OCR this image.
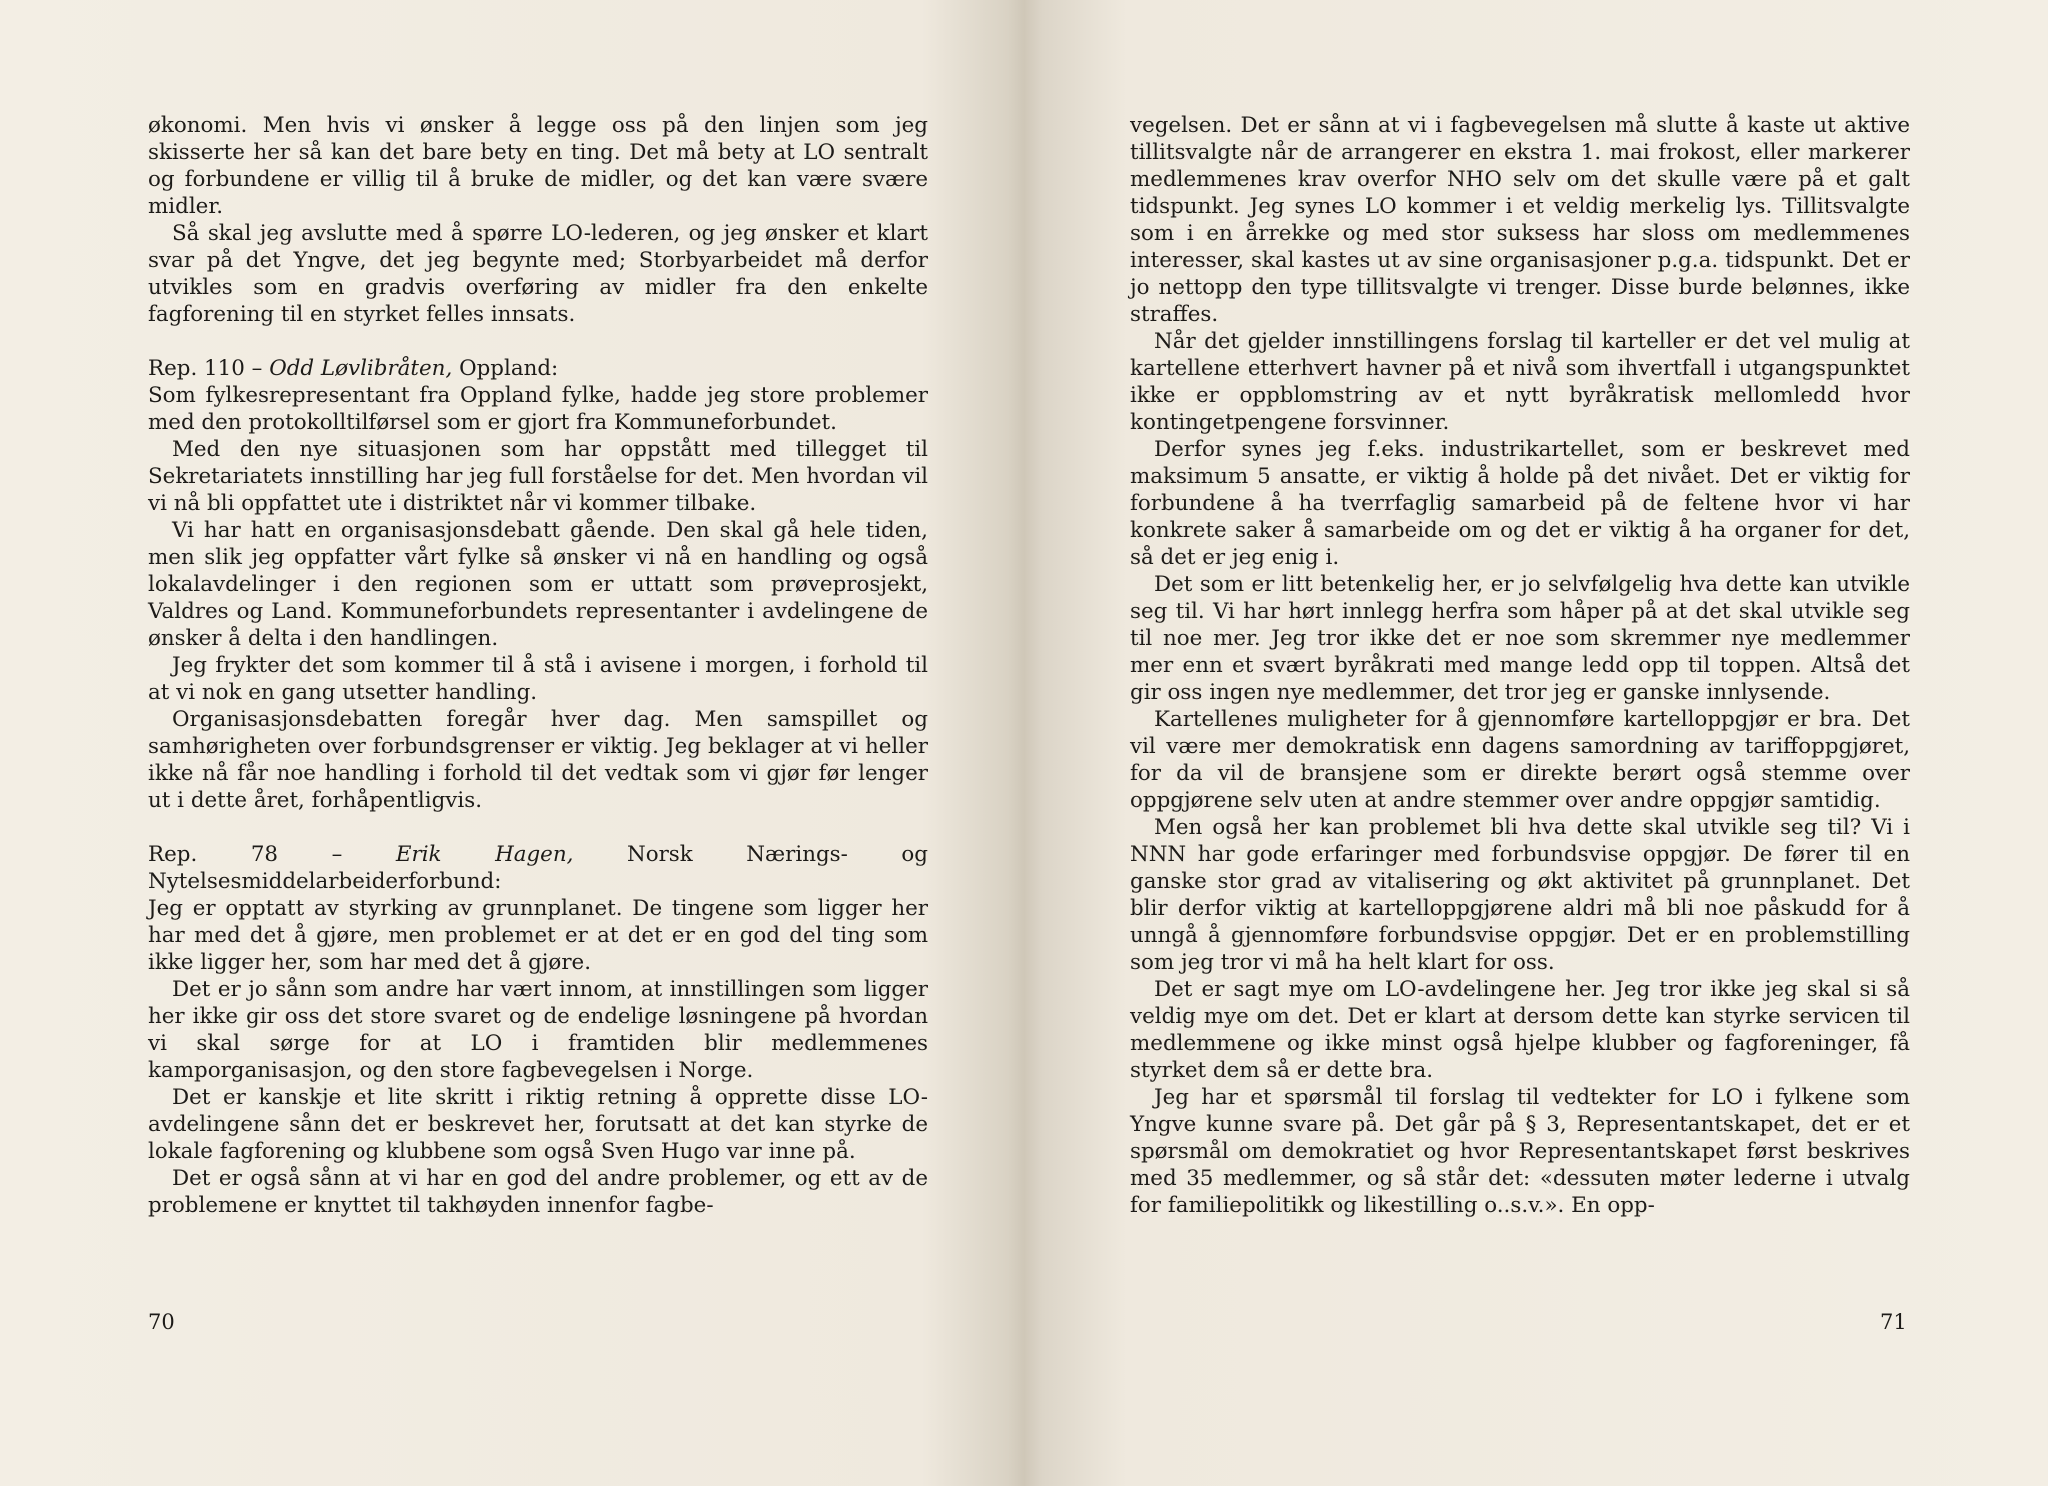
økonomi. Men hvis vi ønsker å legge oss på den linjen som jeg skisserte her så kan det bare bety en ting. Det må bety at LO sentralt og forbundene er villig til å bruke de midler, og det kan være svære midler.

Så skal jeg avslutte med å spørre LO-lederen, og jeg ønsker et klart svar på det Yngve, det jeg begynte med; Storbyarbeidet må derfor utvikles som en gradvis overføring av midler fra den enkelte fagforening til en styrket felles innsats.

Rep. 110 – Odd Løvlibråten, Oppland:

Som fylkesrepresentant fra Oppland fylke, hadde jeg store problemer med den protokolltilførsel som er gjort fra Kommuneforbundet.

Med den nye situasjonen som har oppstått med tillegget til Sekretariatets innstilling har jeg full forståelse for det. Men hvordan vil vi nå bli oppfattet ute i distriktet når vi kommer tilbake.

Vi har hatt en organisasjonsdebatt gående. Den skal gå hele tiden, men slik jeg oppfatter vårt fylke så ønsker vi nå en handling og også lokalavdelinger i den regionen som er uttatt som prøveprosjekt, Valdres og Land. Kommuneforbundets representanter i avdelingene de ønsker å delta i den handlingen.

Jeg frykter det som kommer til å stå i avisene i morgen, i forhold til at vi nok en gang utsetter handling.

Organisasjonsdebatten foregår hver dag. Men samspillet og samhørigheten over forbundsgrenser er viktig. Jeg beklager at vi heller ikke nå får noe handling i forhold til det vedtak som vi gjør før lenger ut i dette året, forhåpentligvis.

Rep. 78 – Erik Hagen, Norsk Nærings- og Nytelsesmiddelarbeiderforbund:

Jeg er opptatt av styrking av grunnplanet. De tingene som ligger her har med det å gjøre, men problemet er at det er en god del ting som ikke ligger her, som har med det å gjøre.

Det er jo sånn som andre har vært innom, at innstillingen som ligger her ikke gir oss det store svaret og de endelige løsningene på hvordan vi skal sørge for at LO i framtiden blir medlemmenes kamporganisasjon, og den store fagbevegelsen i Norge.

Det er kanskje et lite skritt i riktig retning å opprette disse LO-avdelingene sånn det er beskrevet her, forutsatt at det kan styrke de lokale fagforening og klubbene som også Sven Hugo var inne på.

Det er også sånn at vi har en god del andre problemer, og ett av de problemene er knyttet til takhøyden innenfor fagbe-

70

vegelsen. Det er sånn at vi i fagbevegelsen må slutte å kaste ut aktive tillitsvalgte når de arrangerer en ekstra 1. mai frokost, eller markerer medlemmenes krav overfor NHO selv om det skulle være på et galt tidspunkt. Jeg synes LO kommer i et veldig merkelig lys. Tillitsvalgte som i en årrekke og med stor suksess har sloss om medlemmenes interesser, skal kastes ut av sine organisasjoner p.g.a. tidspunkt. Det er jo nettopp den type tillitsvalgte vi trenger. Disse burde belønnes, ikke straffes.

Når det gjelder innstillingens forslag til karteller er det vel mulig at kartellene etterhvert havner på et nivå som ihvertfall i utgangspunktet ikke er oppblomstring av et nytt byråkratisk mellomledd hvor kontingetpengene forsvinner.

Derfor synes jeg f.eks. industrikartellet, som er beskrevet med maksimum 5 ansatte, er viktig å holde på det nivået. Det er viktig for forbundene å ha tverrfaglig samarbeid på de feltene hvor vi har konkrete saker å samarbeide om og det er viktig å ha organer for det, så det er jeg enig i.

Det som er litt betenkelig her, er jo selvfølgelig hva dette kan utvikle seg til. Vi har hørt innlegg herfra som håper på at det skal utvikle seg til noe mer. Jeg tror ikke det er noe som skremmer nye medlemmer mer enn et svært byråkrati med mange ledd opp til toppen. Altså det gir oss ingen nye medlemmer, det tror jeg er ganske innlysende.

Kartellenes muligheter for å gjennomføre kartelloppgjør er bra. Det vil være mer demokratisk enn dagens samordning av tariffoppgjøret, for da vil de bransjene som er direkte berørt også stemme over oppgjørene selv uten at andre stemmer over andre oppgjør samtidig.

Men også her kan problemet bli hva dette skal utvikle seg til? Vi i NNN har gode erfaringer med forbundsvise oppgjør. De fører til en ganske stor grad av vitalisering og økt aktivitet på grunnplanet. Det blir derfor viktig at kartelloppgjørene aldri må bli noe påskudd for å unngå å gjennomføre forbundsvise oppgjør. Det er en problemstilling som jeg tror vi må ha helt klart for oss.

Det er sagt mye om LO-avdelingene her. Jeg tror ikke jeg skal si så veldig mye om det. Det er klart at dersom dette kan styrke servicen til medlemmene og ikke minst også hjelpe klubber og fagforeninger, få styrket dem så er dette bra.

Jeg har et spørsmål til forslag til vedtekter for LO i fylkene som Yngve kunne svare på. Det går på § 3, Representantskapet, det er et spørsmål om demokratiet og hvor Representantskapet først beskrives med 35 medlemmer, og så står det: «dessuten møter lederne i utvalg for familiepolitikk og likestilling o..s.v.». En opp-

71
